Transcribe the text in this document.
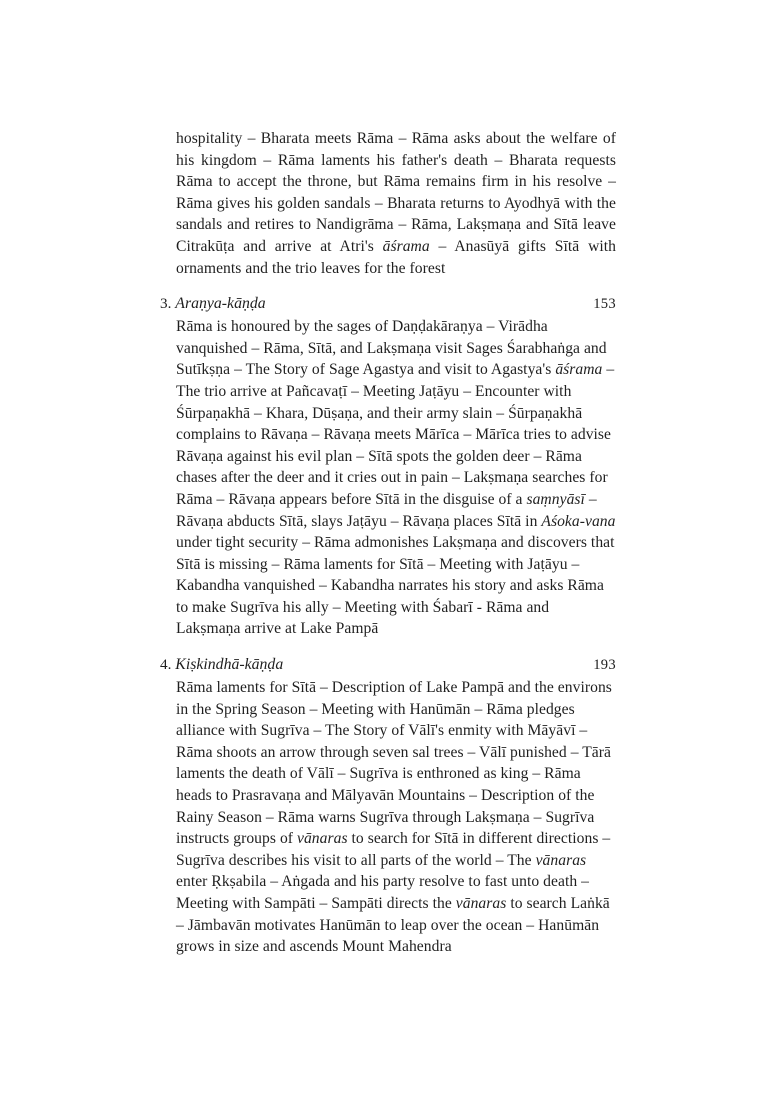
hospitality – Bharata meets Rāma – Rāma asks about the welfare of his kingdom – Rāma laments his father's death – Bharata requests Rāma to accept the throne, but Rāma remains firm in his resolve – Rāma gives his golden sandals – Bharata returns to Ayodhyā with the sandals and retires to Nandigrāma – Rāma, Lakṣmaṇa and Sītā leave Citrakūṭa and arrive at Atri's āśrama – Anasūyā gifts Sītā with ornaments and the trio leaves for the forest

3. Araṇya-kāṇḍa	153

Rāma is honoured by the sages of Daṇḍakāraṇya – Virādha vanquished – Rāma, Sītā, and Lakṣmaṇa visit Sages Śarabhaṅga and Sutīkṣṇa – The Story of Sage Agastya and visit to Agastya's āśrama – The trio arrive at Pañcavaṭī – Meeting Jaṭāyu – Encounter with Śūrpaṇakhā – Khara, Dūṣaṇa, and their army slain – Śūrpaṇakhā complains to Rāvaṇa – Rāvaṇa meets Mārīca – Mārīca tries to advise Rāvaṇa against his evil plan – Sītā spots the golden deer – Rāma chases after the deer and it cries out in pain – Lakṣmaṇa searches for Rāma – Rāvaṇa appears before Sītā in the disguise of a saṃnyāsī – Rāvaṇa abducts Sītā, slays Jaṭāyu – Rāvaṇa places Sītā in Aśoka-vana under tight security – Rāma admonishes Lakṣmaṇa and discovers that Sītā is missing – Rāma laments for Sītā – Meeting with Jaṭāyu – Kabandha vanquished – Kabandha narrates his story and asks Rāma to make Sugrīva his ally – Meeting with Śabarī - Rāma and Lakṣmaṇa arrive at Lake Pampā

4. Kiṣkindhā-kāṇḍa	193

Rāma laments for Sītā – Description of Lake Pampā and the environs in the Spring Season – Meeting with Hanūmān – Rāma pledges alliance with Sugrīva – The Story of Vālī's enmity with Māyāvī – Rāma shoots an arrow through seven sal trees – Vālī punished – Tārā laments the death of Vālī – Sugrīva is enthroned as king – Rāma heads to Prasravaṇa and Mālyavān Mountains – Description of the Rainy Season – Rāma warns Sugrīva through Lakṣmaṇa – Sugrīva instructs groups of vānaras to search for Sītā in different directions – Sugrīva describes his visit to all parts of the world – The vānaras enter Ṛkṣabila – Aṅgada and his party resolve to fast unto death – Meeting with Sampāti – Sampāti directs the vānaras to search Laṅkā – Jāmbavān motivates Hanūmān to leap over the ocean – Hanūmān grows in size and ascends Mount Mahendra
